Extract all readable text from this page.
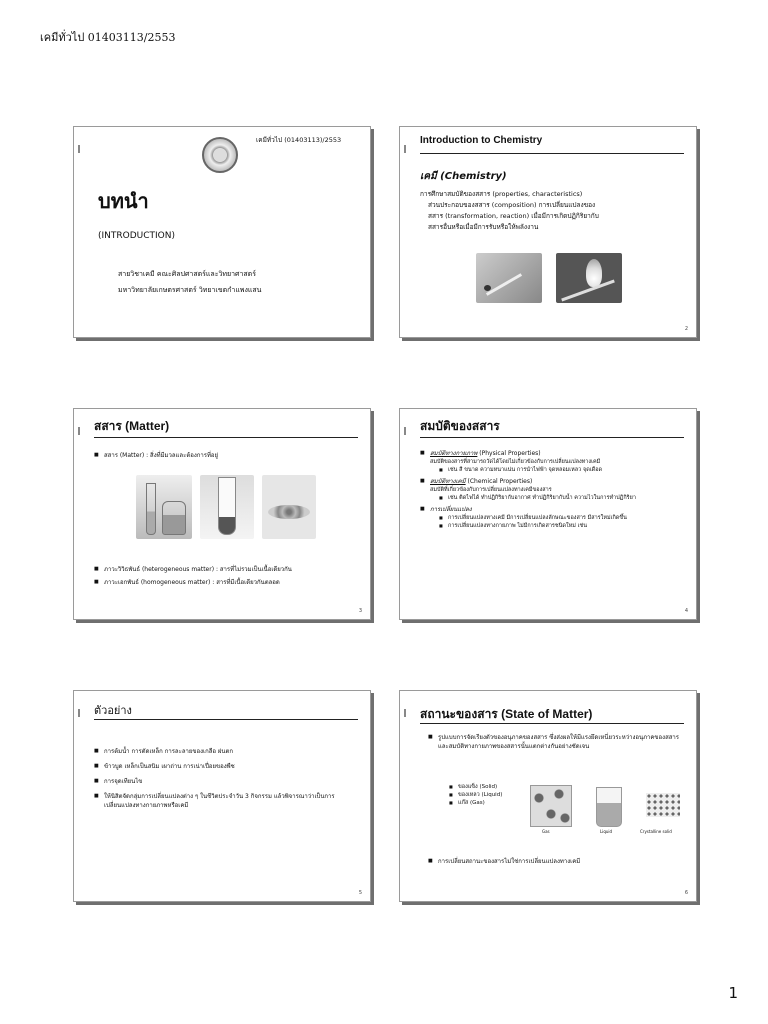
เคมีทั่วไป 01403113/2553
เคมีทั่วไป (01403113)/2553
บทนำ
(INTRODUCTION)
สายวิชาเคมี คณะศิลปศาสตร์และวิทยาศาสตร์
มหาวิทยาลัยเกษตรศาสตร์ วิทยาเขตกำแพงแสน
Introduction to Chemistry
เคมี (Chemistry)
การศึกษาสมบัติของสสาร (properties, characteristics)
ส่วนประกอบของสสาร (composition) การเปลี่ยนแปลงของ
สสาร (transformation, reaction) เมื่อมีการเกิดปฏิกิริยากับ
สสารอื่นหรือเมื่อมีการรับหรือให้พลังงาน
2
สสาร (Matter)
■ สสาร (Matter) : สิ่งที่มีมวลและต้องการที่อยู่
■ ภาวะวิวิธพันธ์ (heterogeneous matter) : สารที่ไม่รวมเป็นเนื้อเดียวกัน
■ ภาวะเอกพันธ์ (homogeneous matter) : สารที่มีเนื้อเดียวกันตลอด
3
สมบัติของสสาร
■ สมบัติทางกายภาพ (Physical Properties)
สมบัติของสารที่สามารถวัดได้โดยไม่เกี่ยวข้องกับการเปลี่ยนแปลงทางเคมี
■ เช่น สี ขนาด ความหนาแน่น การนำไฟฟ้า จุดหลอมเหลว จุดเดือด
■ สมบัติทางเคมี (Chemical Properties)
สมบัติที่เกี่ยวข้องกับการเปลี่ยนแปลงทางเคมีของสาร
■ เช่น ติดไฟได้ ทำปฏิกิริยากับอากาศ ทำปฏิกิริยากับน้ำ ความไวในการทำปฏิกิริยา
■ การเปลี่ยนแปลง
■ การเปลี่ยนแปลงทางเคมี มีการเปลี่ยนแปลงลักษณะของสาร มีสารใหม่เกิดขึ้น
■ การเปลี่ยนแปลงทางกายภาพ ไม่มีการเกิดสารชนิดใหม่ เช่น
4
ตัวอย่าง
■ การต้มน้ำ การตัดเหล็ก การละลายของเกลือ ฝนตก
■ ข้าวบูด เหล็กเป็นสนิม เผาถ่าน การเน่าเปื่อยของพืช
■ การจุดเทียนไข
■ ให้นิสิตจัดกลุ่มการเปลี่ยนแปลงต่าง ๆ ในชีวิตประจำวัน 3 กิจกรรม แล้วพิจารณาว่าเป็นการเปลี่ยนแปลงทางกายภาพหรือเคมี
5
สถานะของสาร (State of Matter)
■ รูปแบบการจัดเรียงตัวของอนุภาคของสสาร ซึ่งส่งผลให้มีแรงยึดเหนี่ยวระหว่างอนุภาคของสสารและสมบัติทางกายภาพของสสารนั้นแตกต่างกันอย่างชัดเจน
■ ของแข็ง (Solid)
■ ของเหลว (Liquid)
■ แก๊ส (Gas)
Gas	Liquid	Crystalline solid
■ การเปลี่ยนสถานะของสารไม่ใช่การเปลี่ยนแปลงทางเคมี
6
1
